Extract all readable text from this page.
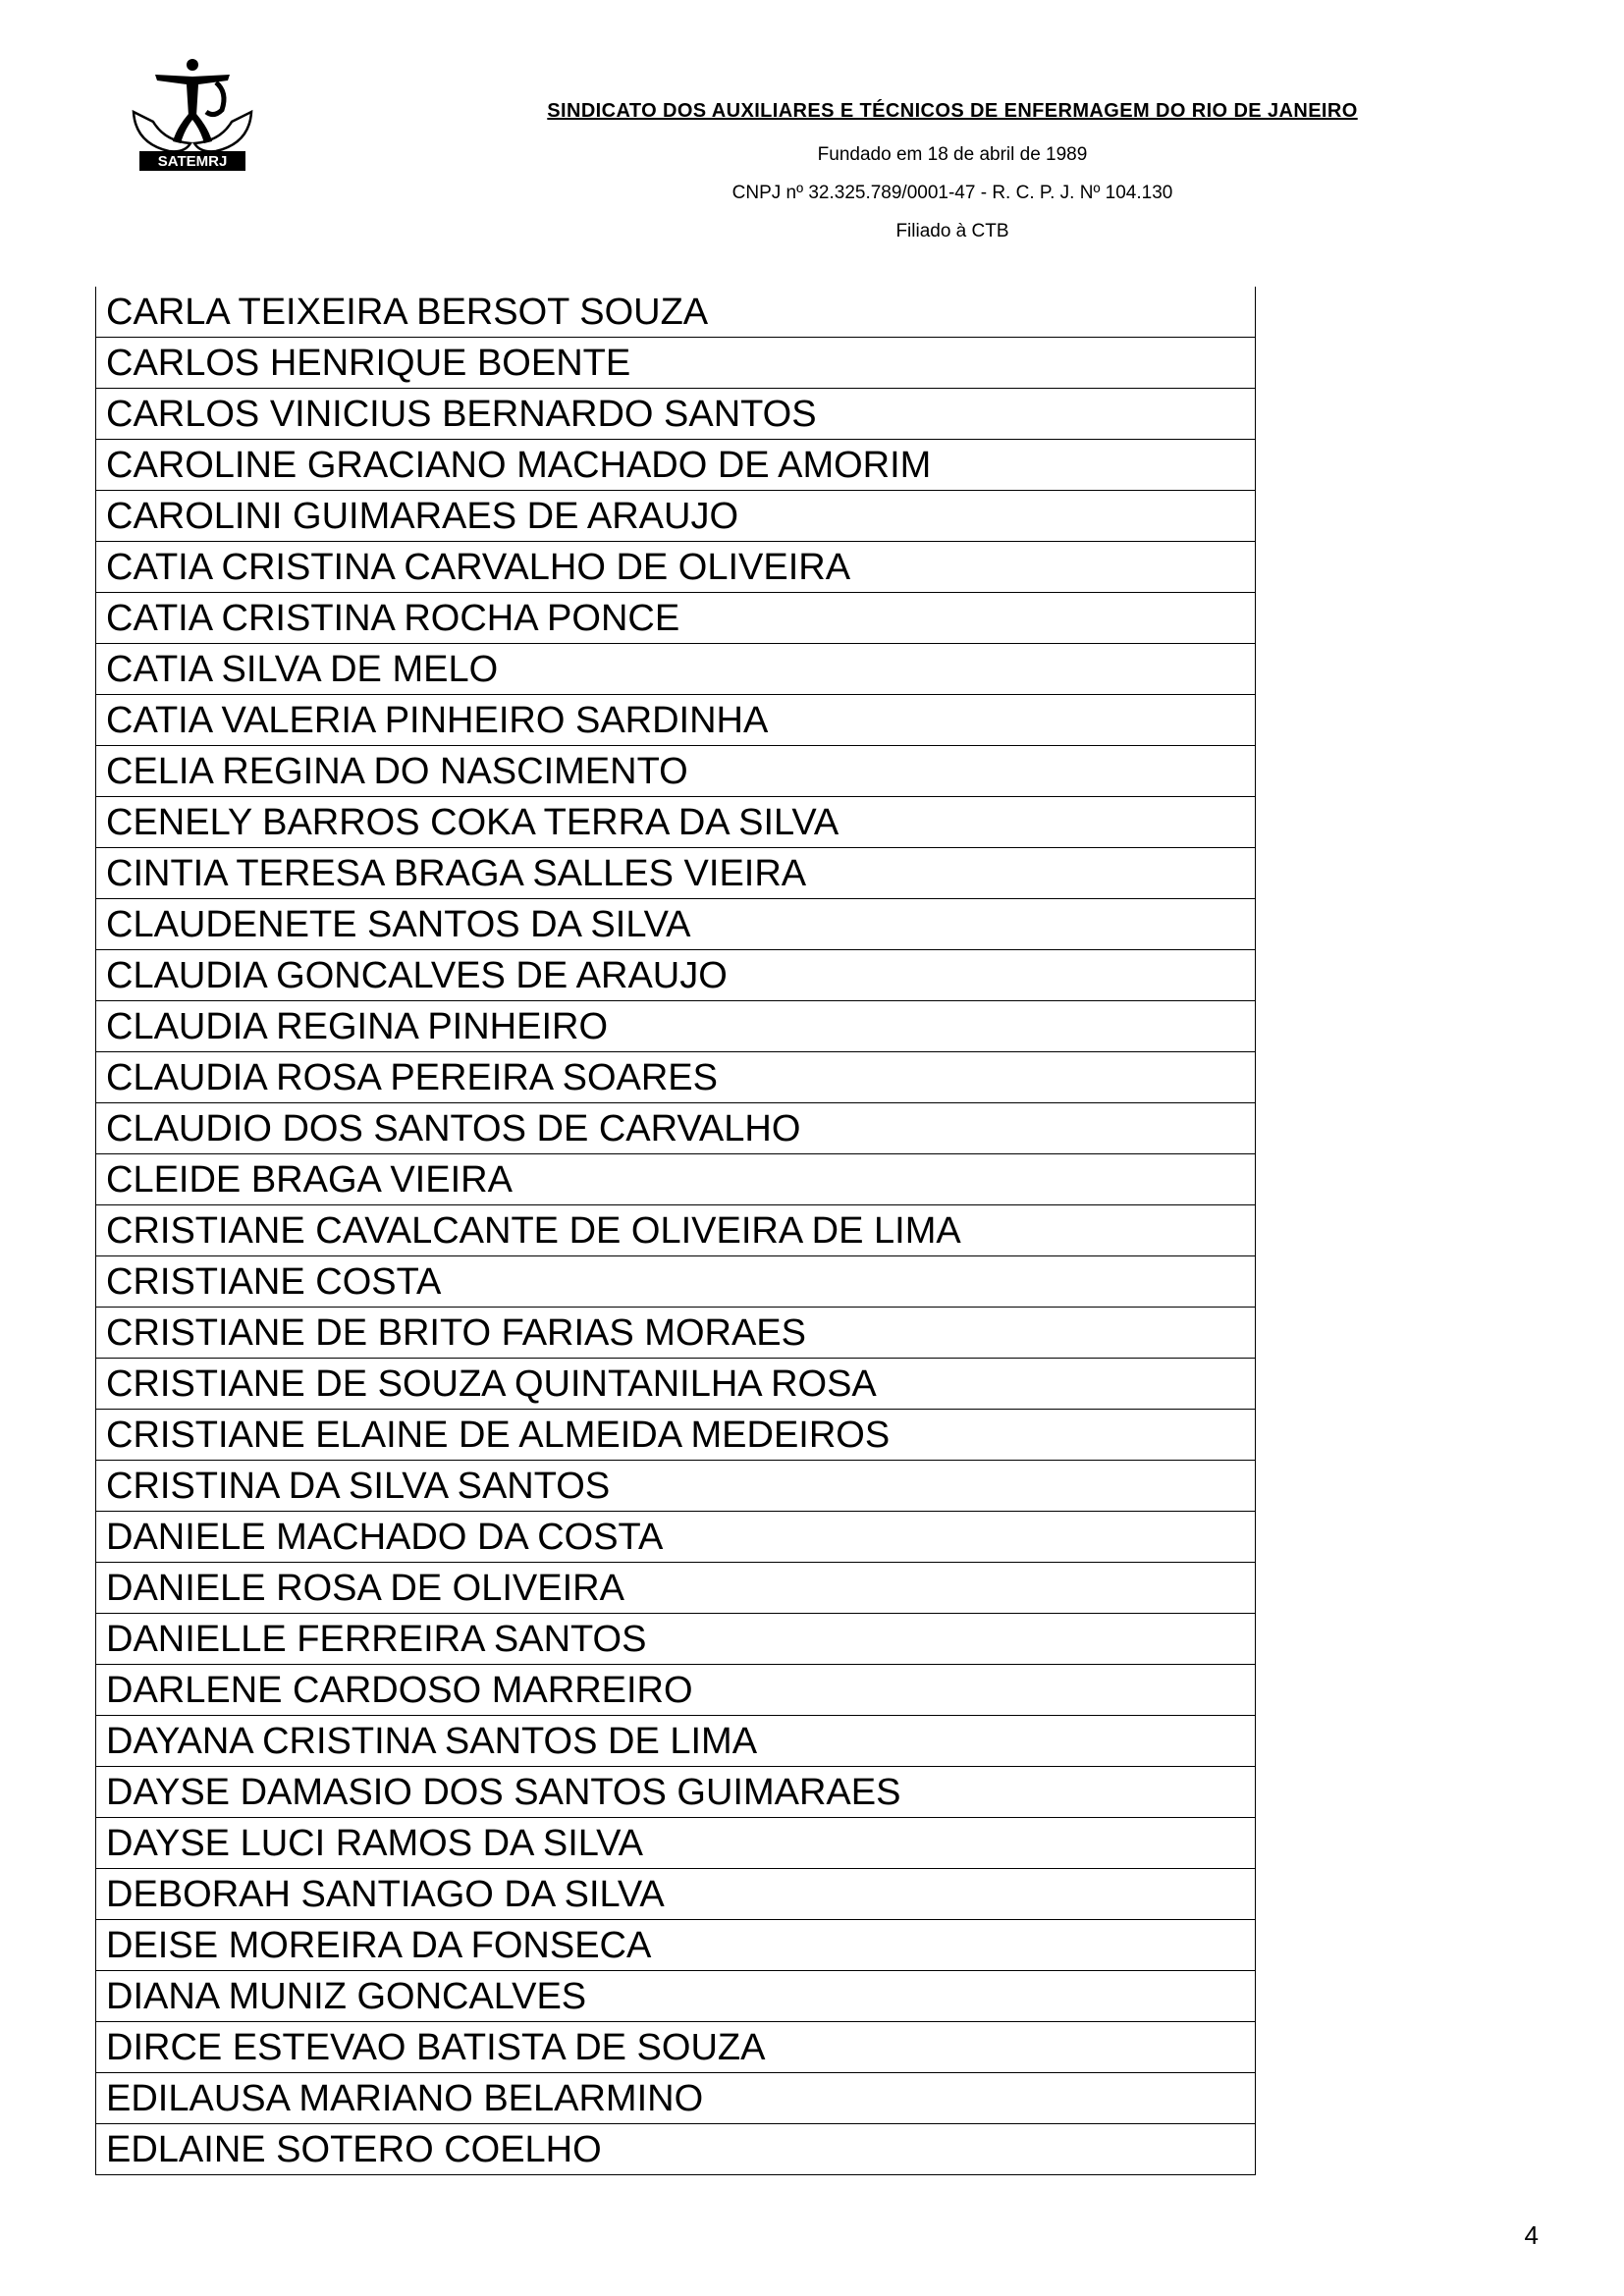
SATEMRJ
SINDICATO DOS AUXILIARES E TÉCNICOS DE ENFERMAGEM DO RIO DE JANEIRO
Fundado em 18 de abril de 1989
CNPJ nº 32.325.789/0001-47 - R. C. P. J. Nº 104.130
Filiado à CTB
CARLA TEIXEIRA BERSOT SOUZA
CARLOS HENRIQUE BOENTE
CARLOS VINICIUS BERNARDO SANTOS
CAROLINE GRACIANO MACHADO DE AMORIM
CAROLINI GUIMARAES DE ARAUJO
CATIA CRISTINA CARVALHO DE OLIVEIRA
CATIA CRISTINA ROCHA PONCE
CATIA SILVA DE MELO
CATIA VALERIA PINHEIRO SARDINHA
CELIA REGINA DO NASCIMENTO
CENELY BARROS COKA TERRA DA SILVA
CINTIA TERESA BRAGA SALLES VIEIRA
CLAUDENETE SANTOS DA SILVA
CLAUDIA GONCALVES DE ARAUJO
CLAUDIA REGINA PINHEIRO
CLAUDIA ROSA PEREIRA SOARES
CLAUDIO DOS SANTOS DE CARVALHO
CLEIDE BRAGA VIEIRA
CRISTIANE CAVALCANTE DE OLIVEIRA DE LIMA
CRISTIANE COSTA
CRISTIANE DE BRITO FARIAS MORAES
CRISTIANE DE SOUZA QUINTANILHA ROSA
CRISTIANE ELAINE DE ALMEIDA MEDEIROS
CRISTINA DA SILVA SANTOS
DANIELE MACHADO DA COSTA
DANIELE ROSA DE OLIVEIRA
DANIELLE FERREIRA SANTOS
DARLENE CARDOSO MARREIRO
DAYANA CRISTINA SANTOS DE LIMA
DAYSE DAMASIO DOS SANTOS GUIMARAES
DAYSE LUCI RAMOS DA SILVA
DEBORAH SANTIAGO DA SILVA
DEISE MOREIRA DA FONSECA
DIANA MUNIZ GONCALVES
DIRCE ESTEVAO BATISTA DE SOUZA
EDILAUSA MARIANO BELARMINO
EDLAINE SOTERO COELHO
4
